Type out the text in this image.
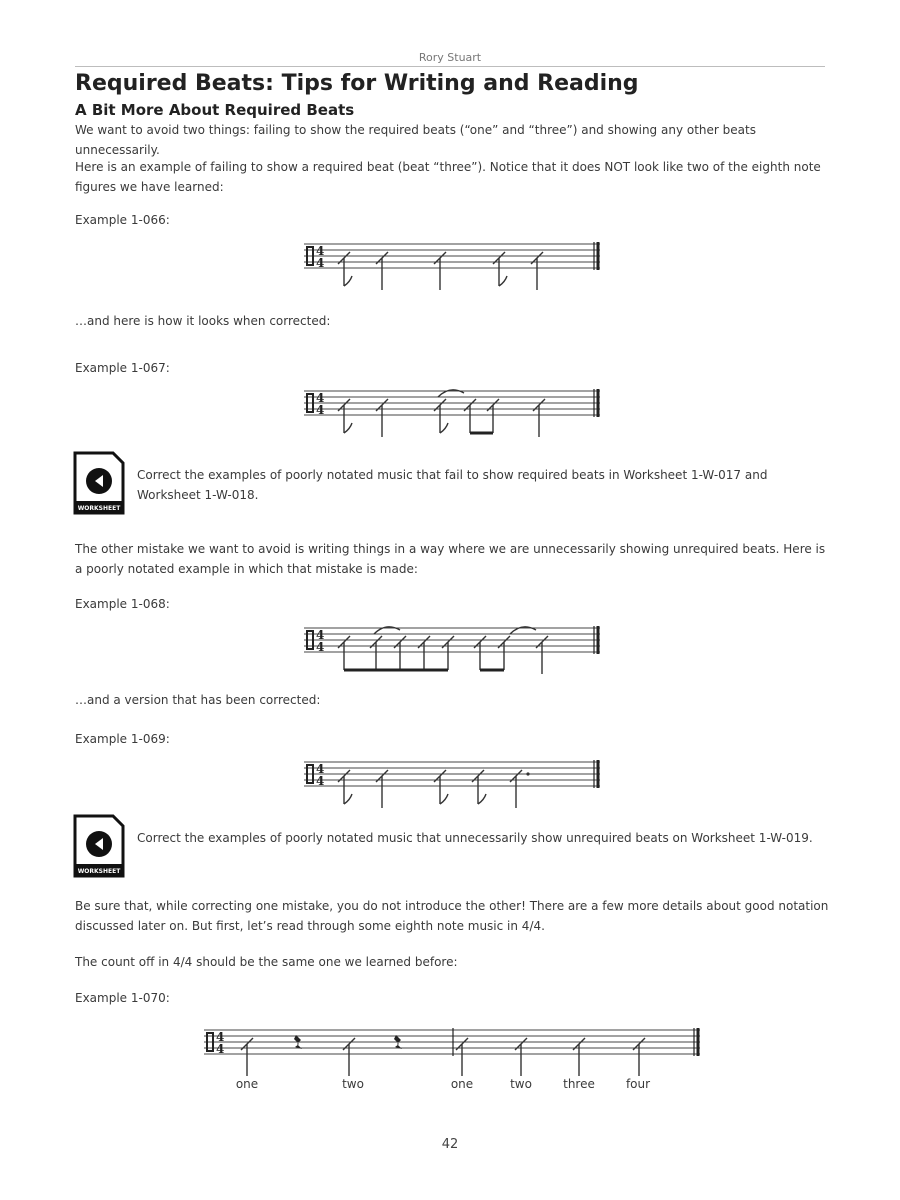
Rory Stuart
Required Beats: Tips for Writing and Reading
A Bit More About Required Beats
We want to avoid two things: failing to show the required beats (“one” and “three”) and showing any other beats unnecessarily.
Here is an example of failing to show a required beat (beat “three”). Notice that it does NOT look like two of the eighth note figures we have learned:
Example 1-066:
4
4
…and here is how it looks when corrected:
Example 1-067:
4
4
WORKSHEET
Correct the examples of poorly notated music that fail to show required beats in Worksheet 1-W-017 and Worksheet 1-W-018.
The other mistake we want to avoid is writing things in a way where we are unnecessarily showing unrequired beats. Here is a poorly notated example in which that mistake is made:
Example 1-068:
4
4
…and a version that has been corrected:
Example 1-069:
4
4
WORKSHEET
Correct the examples of poorly notated music that unnecessarily show unrequired beats on Worksheet 1-W-019.
Be sure that, while correcting one mistake, you do not introduce the other! There are a few more details about good notation discussed later on. But first, let’s read through some eighth note music in 4/4.
The count off in 4/4 should be the same one we learned before:
Example 1-070:
4
4
one	two	one	two	three	four
42
